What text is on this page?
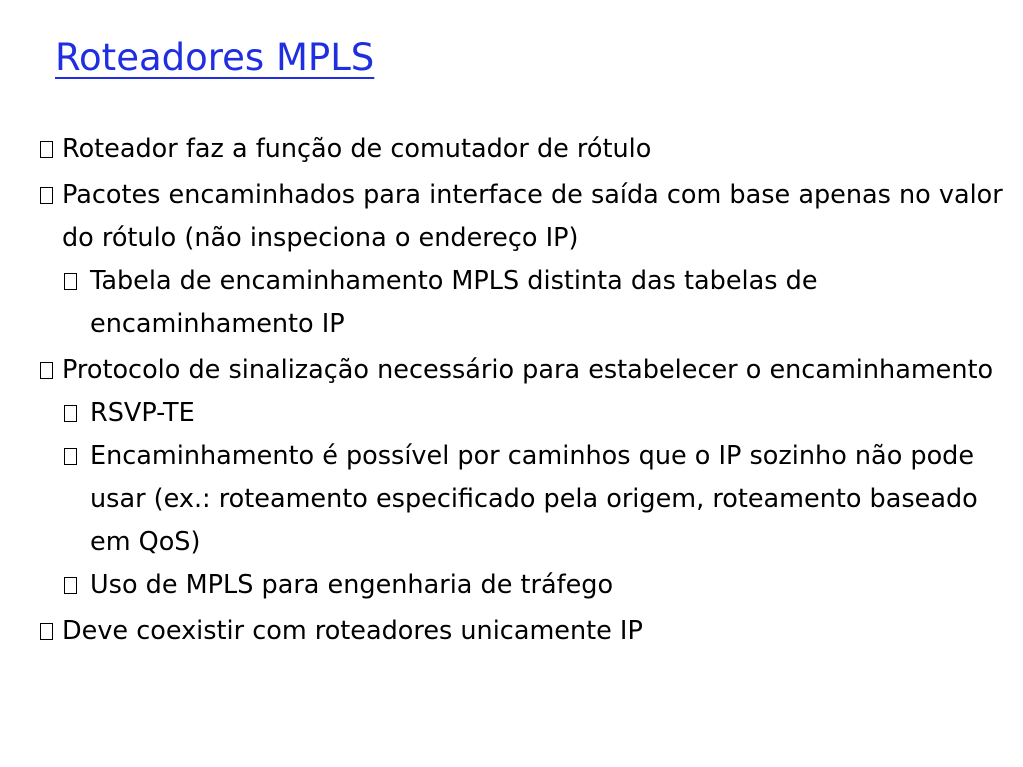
Roteadores MPLS
Roteador faz a função de comutador de rótulo
Pacotes encaminhados para interface de saída com base apenas no valor do rótulo (não inspeciona o endereço IP)
Tabela de encaminhamento MPLS distinta das tabelas de encaminhamento IP
Protocolo de sinalização necessário para estabelecer o encaminhamento
RSVP-TE
Encaminhamento é possível por caminhos que o IP sozinho não pode usar (ex.: roteamento especificado pela origem, roteamento baseado em QoS)
Uso de MPLS para engenharia de tráfego
Deve coexistir com roteadores unicamente IP
